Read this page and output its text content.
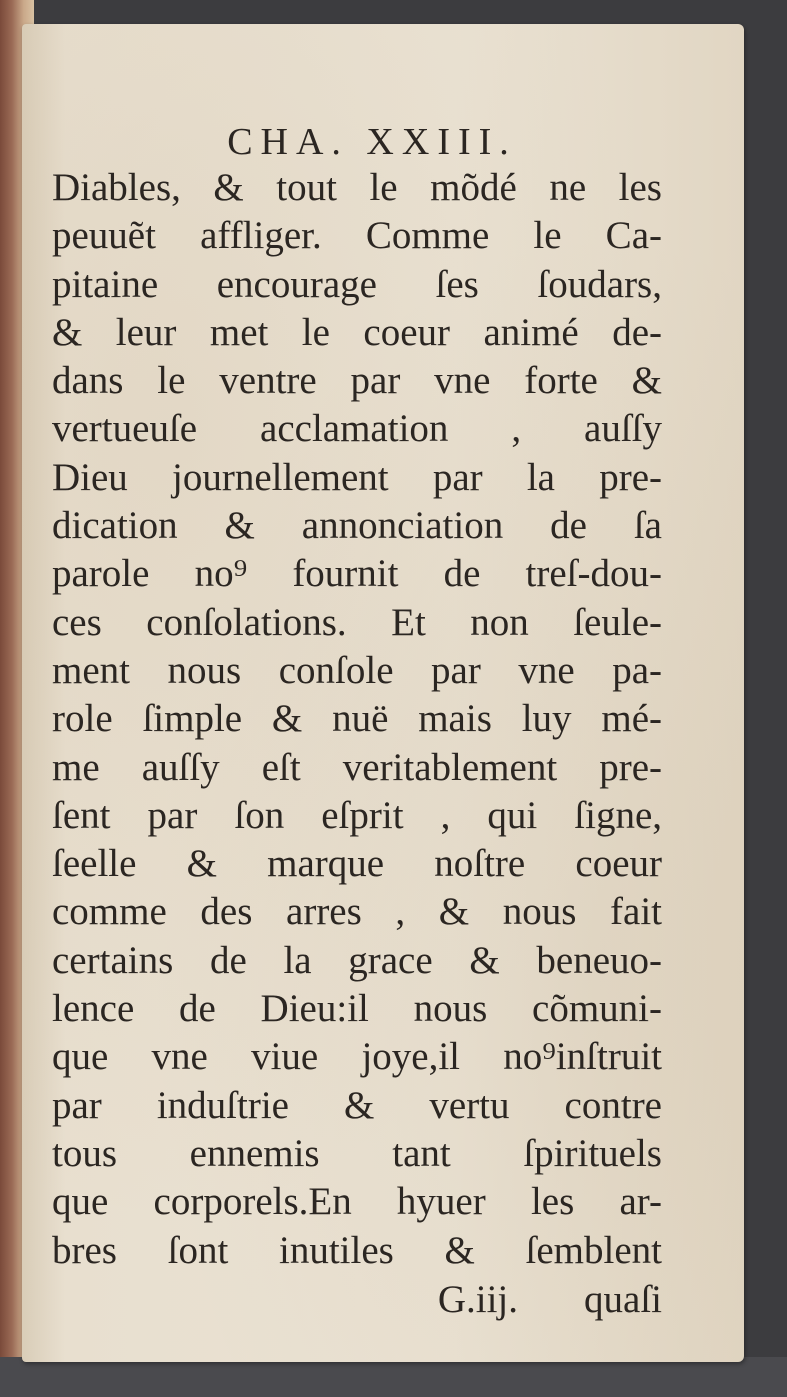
CHA. XXIII.
Diables, & tout le mõdé ne les
peuuẽt affliger. Comme le Ca-
pitaine encourage ſes ſoudars,
& leur met le coeur animé de-
dans le ventre par vne forte &
vertueuſe acclamation , auſſy
Dieu journellement par la pre-
dication & annonciation de ſa
parole no⁹ fournit de treſ-dou-
ces conſolations. Et non ſeule-
ment nous conſole par vne pa-
role ſimple & nuë mais luy mé-
me auſſy eſt veritablement pre-
ſent par ſon eſprit , qui ſigne,
ſeelle & marque noſtre coeur
comme des arres , & nous fait
certains de la grace & beneuo-
lence de Dieu:il nous cõmuni-
que vne viue joye,il no⁹inſtruit
par induſtrie & vertu contre
tous ennemis tant ſpirituels
que corporels.En hyuer les ar-
bres ſont inutiles & ſemblent
G.iij. quaſi
